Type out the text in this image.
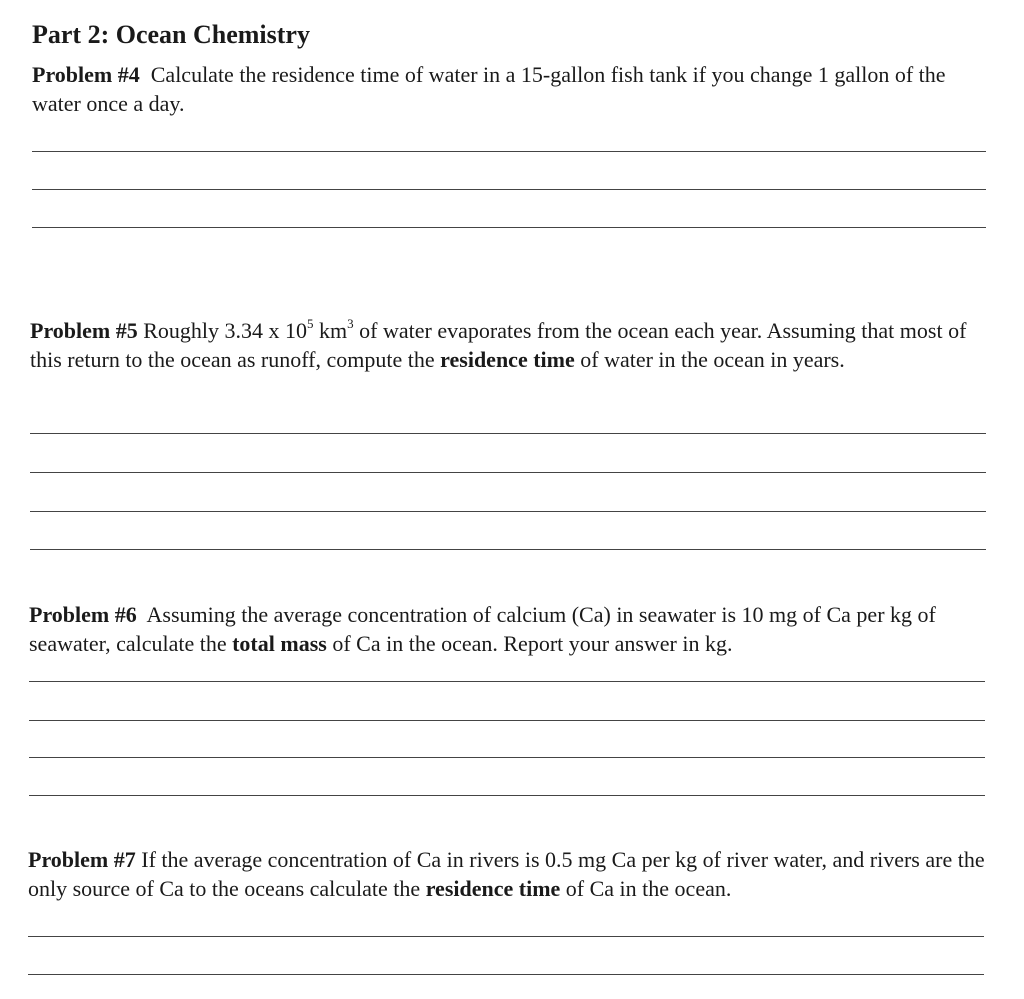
Part 2: Ocean Chemistry

Problem #4 Calculate the residence time of water in a 15-gallon fish tank if you change 1 gallon of the water once a day.

Problem #5 Roughly 3.34 x $10^5$ $km^3$ of water evaporates from the ocean each year. Assuming that most of this return to the ocean as runoff, compute the residence time of water in the ocean in years.

Problem #6 Assuming the average concentration of calcium (Ca) in seawater is 10 mg of Ca per kg of seawater, calculate the total mass of Ca in the ocean. Report your answer in kg.

Problem #7 If the average concentration of Ca in rivers is 0.5 mg Ca per kg of river water, and rivers are the only source of Ca to the oceans calculate the residence time of Ca in the ocean.
